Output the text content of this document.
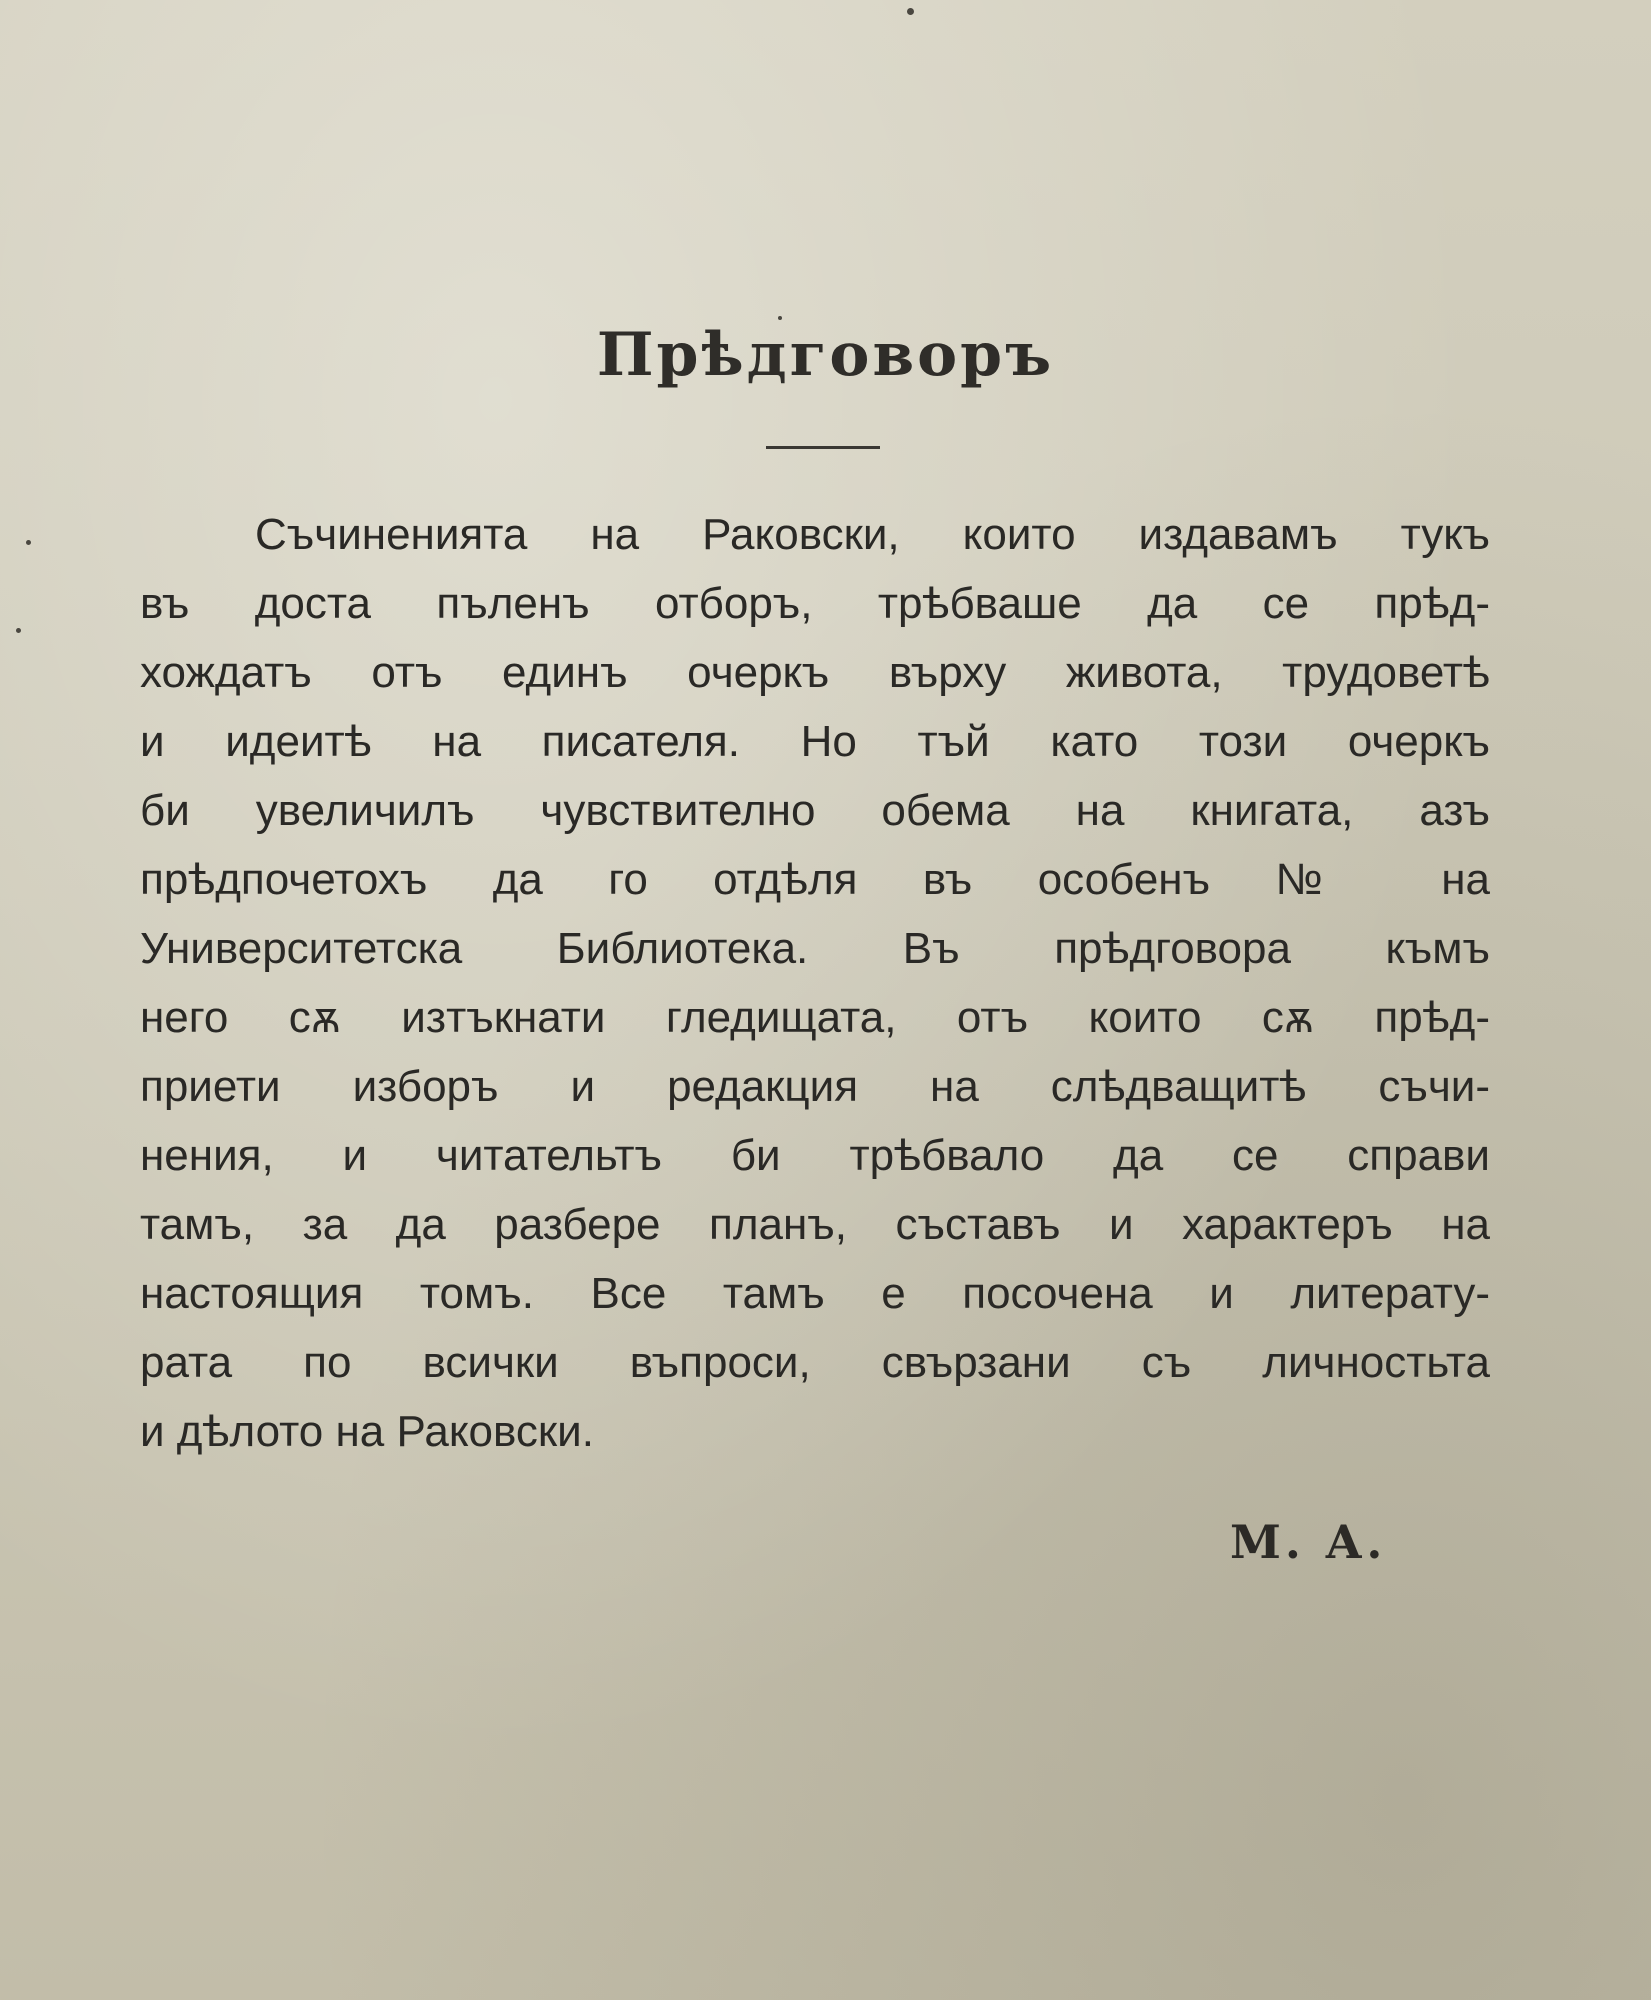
Прѣдговоръ
Съчиненията на Раковски, които издавамъ тукъ
въ доста пъленъ отборъ, трѣбваше да се прѣд-
хождатъ отъ единъ очеркъ върху живота, трудоветѣ
и идеитѣ на писателя. Но тъй като този очеркъ
би увеличилъ чувствително обема на книгата, азъ
прѣдпочетохъ да го отдѣля въ особенъ № на
Университетска Библиотека. Въ прѣдговора къмъ
него сѫ изтъкнати гледищата, отъ които сѫ прѣд-
приети изборъ и редакция на слѣдващитѣ съчи-
нения, и читательтъ би трѣбвало да се справи
тамъ, за да разбере планъ, съставъ и характеръ на
настоящия томъ. Все тамъ е посочена и литерату-
рата по всички въпроси, свързани съ личностьта
и дѣлото на Раковски.
М. А.
